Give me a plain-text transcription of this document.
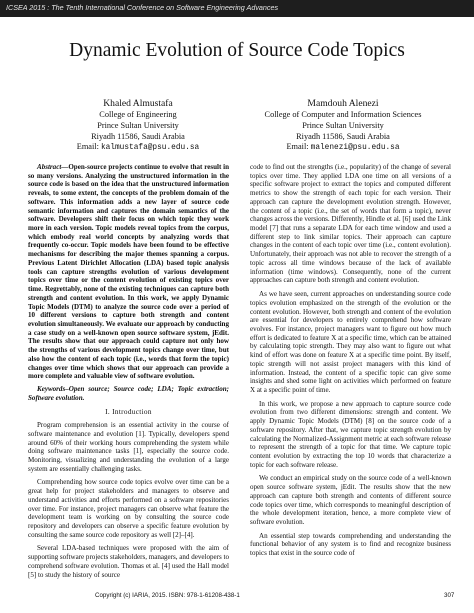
ICSEA 2015 : The Tenth International Conference on Software Engineering Advances
Dynamic Evolution of Source Code Topics
Khaled Almustafa
College of Engineering
Prince Sultan University
Riyadh 11586, Saudi Arabia
Email: kalmustafa@psu.edu.sa
Mamdouh Alenezi
College of Computer and Information Sciences
Prince Sultan University
Riyadh 11586, Saudi Arabia
Email: malenezi@psu.edu.sa

Abstract—Open-source projects continue to evolve that result in so many versions. Analyzing the unstructured information in the source code is based on the idea that the unstructured information reveals, to some extent, the concepts of the problem domain of the software. This information adds a new layer of source code semantic information and captures the domain semantics of the software. Developers shift their focus on which topic they work more in each version. Topic models reveal topics from the corpus, which embody real world concepts by analyzing words that frequently co-occur. Topic models have been found to be effective mechanisms for describing the major themes spanning a corpus. Previous Latent Dirichlet Allocation (LDA) based topic analysis tools can capture strengths evolution of various development topics over time or the content evolution of existing topics over time. Regrettably, none of the existing techniques can capture both strength and content evolution. In this work, we apply Dynamic Topic Models (DTM) to analyze the source code over a period of 10 different versions to capture both strength and content evolution simultaneously. We evaluate our approach by conducting a case study on a well-known open source software system, jEdit. The results show that our approach could capture not only how the strengths of various development topics change over time, but also how the content of each topic (i.e., words that form the topic) changes over time which shows that our approach can provide a more complete and valuable view of software evolution.

Keywords–Open source; Source code; LDA; Topic extraction; Software evolution.

I. Introduction

Program comprehension is an essential activity in the course of software maintenance and evolution [1]. Typically, developers spend around 60% of their working hours comprehending the system while doing software maintenance tasks [1], especially the source code. Monitoring, visualizing and understanding the evolution of a large system are essentially challenging tasks.

Comprehending how source code topics evolve over time can be a great help for project stakeholders and managers to observe and understand activities and efforts performed on a software repositories over time. For instance, project managers can observe what feature the development team is working on by consulting the source code repository and developers can observe a specific feature evolution by consulting the same source code repository as well [2]–[4].

Several LDA-based techniques were proposed with the aim of supporting software projects stakeholders, managers, and developers to comprehend software evolution. Thomas et al. [4] used the Hall model [5] to study the history of source

code to find out the strengths (i.e., popularity) of the change of several topics over time. They applied LDA one time on all versions of a specific software project to extract the topics and computed different metrics to show the strength of each topic for each version. Their approach can capture the development evolution strength. However, the content of a topic (i.e., the set of words that form a topic), never changes across the versions. Differently, Hindle et al. [6] used the Link model [7] that runs a separate LDA for each time window and used a different step to link similar topics. Their approach can capture changes in the content of each topic over time (i.e., content evolution). Unfortunately, their approach was not able to recover the strength of a topic across all time windows because of the lack of available information (time windows). Consequently, none of the current approaches can capture both strength and content evolution.

As we have seen, current approaches on understanding source code topics evolution emphasized on the strength of the evolution or the content evolution. However, both strength and content of the evolution are essential for developers to entirely comprehend how software evolves. For instance, project managers want to figure out how much effort is dedicated to feature X at a specific time, which can be attained by calculating topic strength. They may also want to figure out what kind of effort was done on feature X at a specific time point. By itself, topic strength will not assist project managers with this kind of information. Instead, the content of a specific topic can give some insights and shed some light on activities which performed on feature X at a specific point of time.

In this work, we propose a new approach to capture source code evolution from two different dimensions: strength and content. We apply Dynamic Topic Models (DTM) [8] on the source code of a software repository. After that, we capture topic strength evolution by calculating the Normalized-Assignment metric at each software release to represent the strength of a topic for that time. We capture topic content evolution by extracting the top 10 words that characterize a topic for each software release.

We conduct an empirical study on the source code of a well-known open source software system, jEdit. The results show that the new approach can capture both strength and contents of different source code topics over time, which corresponds to meaningful description of the whole development iteration, hence, a more complete view of software evolution.

An essential step towards comprehending and understanding the functional behavior of any system is to find and recognize business topics that exist in the source code of

Copyright (c) IARIA, 2015. ISBN: 978-1-61208-438-1	307
